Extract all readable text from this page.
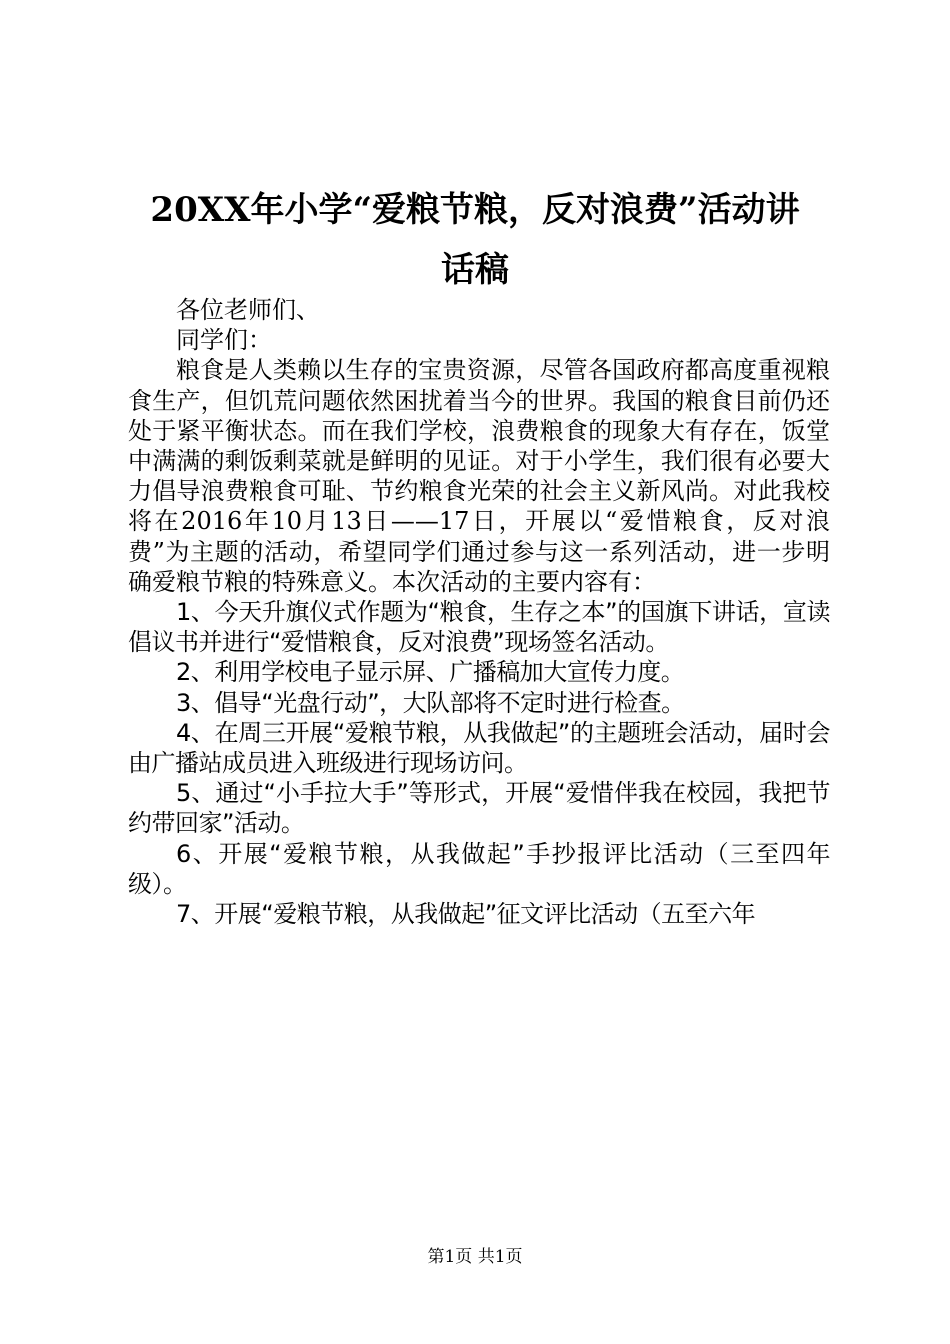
20XX年小学“爱粮节粮，反对浪费”活动讲
话稿

各位老师们、

同学们：

粮食是人类赖以生存的宝贵资源，尽管各国政府都高度重视粮食生产，但饥荒问题依然困扰着当今的世界。我国的粮食目前仍还处于紧平衡状态。而在我们学校，浪费粮食的现象大有存在，饭堂中满满的剩饭剩菜就是鲜明的见证。对于小学生，我们很有必要大力倡导浪费粮食可耻、节约粮食光荣的社会主义新风尚。对此我校将在2016年10月13日——17日，开展以“爱惜粮食，反对浪费”为主题的活动，希望同学们通过参与这一系列活动，进一步明确爱粮节粮的特殊意义。本次活动的主要内容有：

1、今天升旗仪式作题为“粮食，生存之本”的国旗下讲话，宣读倡议书并进行“爱惜粮食，反对浪费”现场签名活动。

2、利用学校电子显示屏、广播稿加大宣传力度。

3、倡导“光盘行动”，大队部将不定时进行检查。

4、在周三开展“爱粮节粮，从我做起”的主题班会活动，届时会由广播站成员进入班级进行现场访问。

5、通过“小手拉大手”等形式，开展“爱惜伴我在校园，我把节约带回家”活动。

6、开展“爱粮节粮，从我做起”手抄报评比活动（三至四年级）。

7、开展“爱粮节粮，从我做起”征文评比活动（五至六年

第1页 共1页
